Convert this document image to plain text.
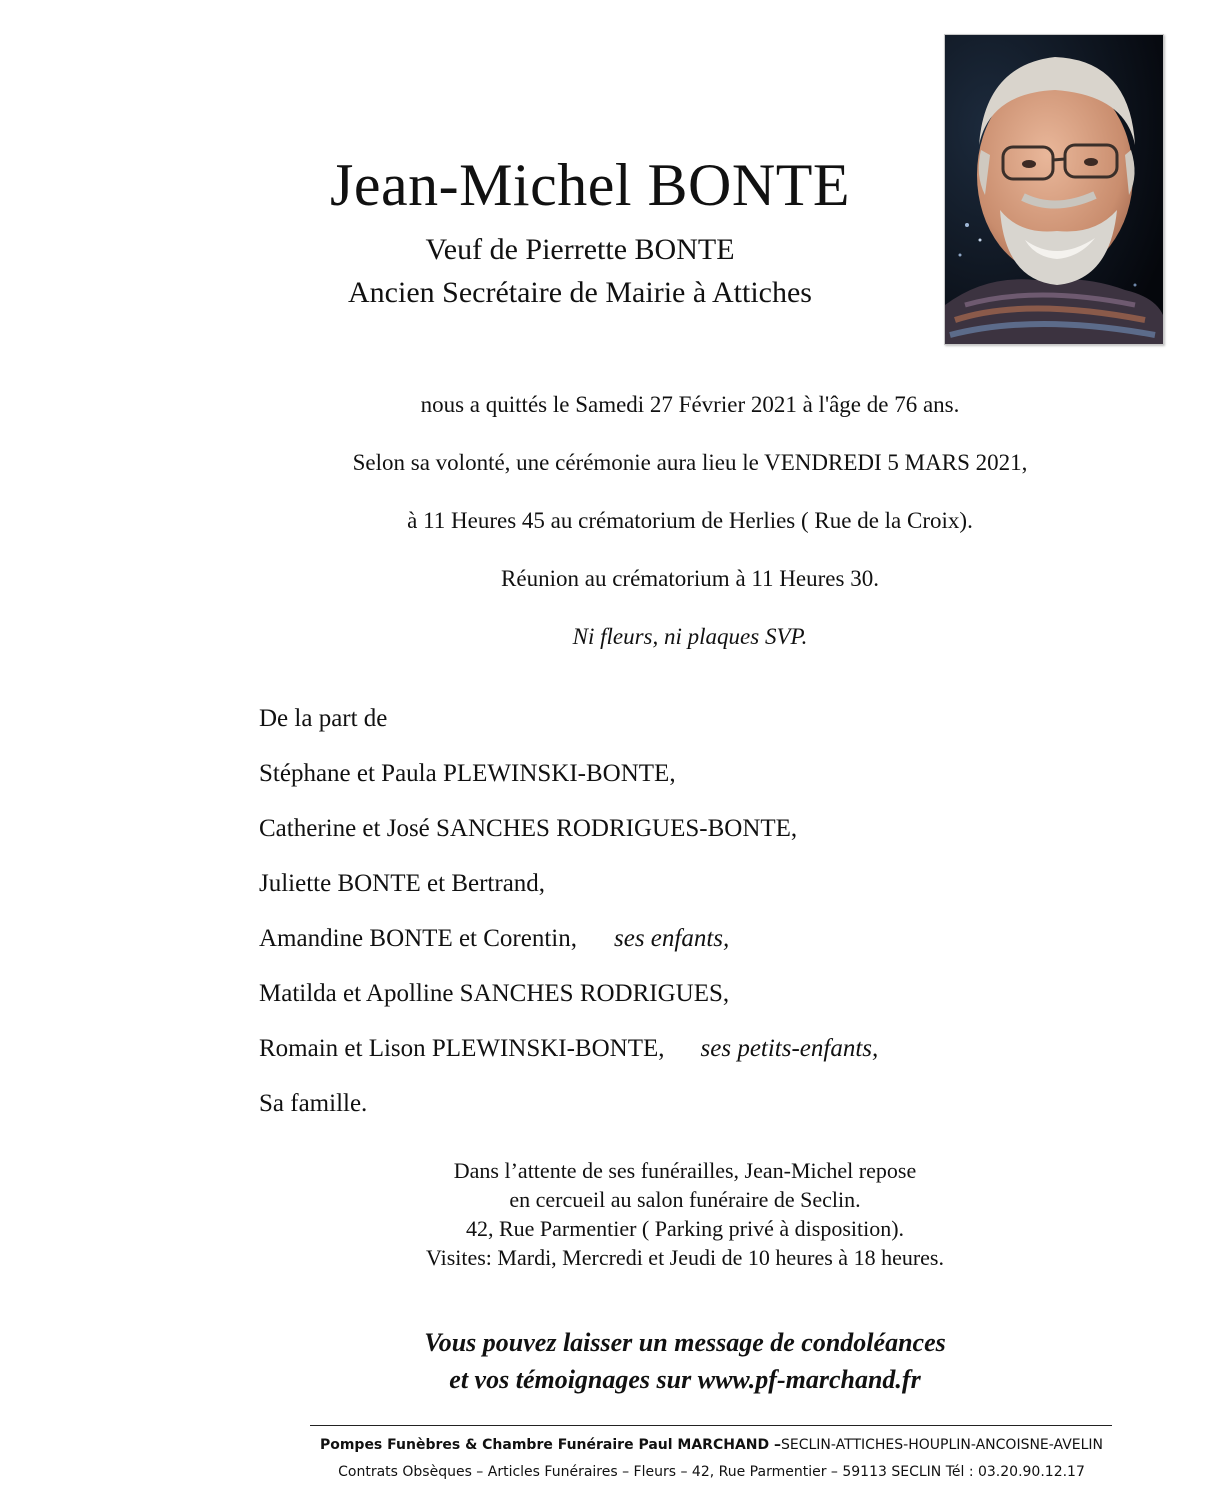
Jean-Michel BONTE
Veuf de Pierrette BONTE
Ancien Secrétaire de Mairie à Attiches
nous a quittés le Samedi 27 Février 2021 à l'âge de 76 ans.
Selon sa volonté, une cérémonie aura lieu le VENDREDI 5 MARS 2021,
à 11 Heures 45 au crématorium de Herlies ( Rue de la Croix).
Réunion au crématorium à 11 Heures 30.
Ni fleurs, ni plaques SVP.
De la part de
Stéphane et Paula PLEWINSKI-BONTE,
Catherine et José SANCHES RODRIGUES-BONTE,
Juliette BONTE et Bertrand,
Amandine BONTE et Corentin, ses enfants,
Matilda et Apolline SANCHES RODRIGUES,
Romain et Lison PLEWINSKI-BONTE, ses petits-enfants,
Sa famille.
Dans l’attente de ses funérailles, Jean-Michel repose
en cercueil au salon funéraire de Seclin.
42, Rue Parmentier ( Parking privé à disposition).
Visites: Mardi, Mercredi et Jeudi de 10 heures à 18 heures.
Vous pouvez laisser un message de condoléances
et vos témoignages sur www.pf-marchand.fr
Pompes Funèbres & Chambre Funéraire Paul MARCHAND –SECLIN-ATTICHES-HOUPLIN-ANCOISNE-AVELIN
Contrats Obsèques – Articles Funéraires – Fleurs – 42, Rue Parmentier – 59113 SECLIN Tél : 03.20.90.12.17
